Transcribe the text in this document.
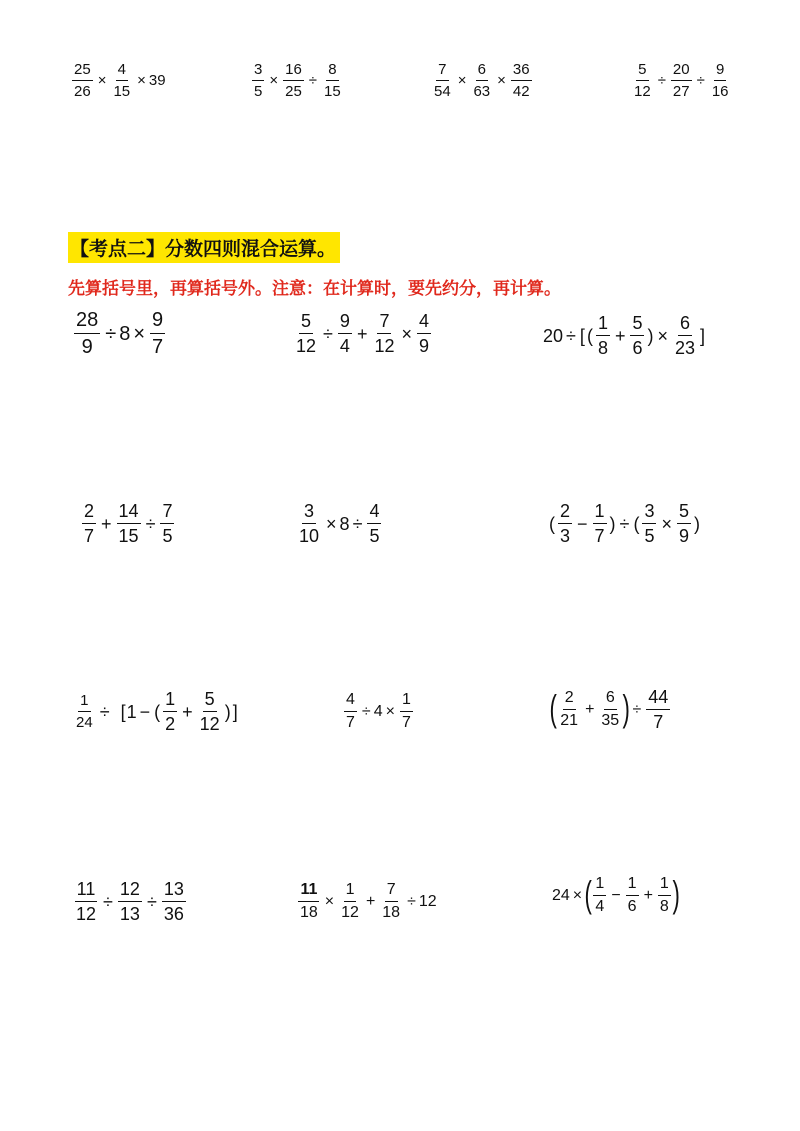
$\frac{25}{26} \times \frac{4}{15} \times 39$	$\frac{3}{5} \times \frac{16}{25} \div \frac{8}{15}$	$\frac{7}{54} \times \frac{6}{63} \times \frac{36}{42}$	$\frac{5}{12} \div \frac{20}{27} \div \frac{9}{16}$
【考点二】分数四则混合运算。
先算括号里，再算括号外。注意：在计算时，要先约分，再计算。
$\frac{28}{9} \div 8 \times \frac{9}{7}$	$\frac{5}{12} \div \frac{9}{4} + \frac{7}{12} \times \frac{4}{9}$	20 ÷ [ ( $\frac{1}{8} + \frac{5}{6}$ ) × $\frac{6}{23}$ ]
$\frac{2}{7} + \frac{14}{15} \div \frac{7}{5}$	$\frac{3}{10} \times 8 \div \frac{4}{5}$	( $\frac{2}{3} - \frac{1}{7}$ ) ÷ ( $\frac{3}{5} \times \frac{5}{9}$ )
$\frac{1}{24}$ ÷ [ 1 − ( $\frac{1}{2} + \frac{5}{12}$ ) ]	$\frac{4}{7} \div 4 \times \frac{1}{7}$	( $\frac{2}{21} + \frac{6}{35}$ ) ÷ $\frac{44}{7}$
$\frac{11}{12} \div \frac{12}{13} \div \frac{13}{36}$	$\frac{11}{18} \times \frac{1}{12} + \frac{7}{18} \div 12$	24 × ( $\frac{1}{4} - \frac{1}{6} + \frac{1}{8}$ )
